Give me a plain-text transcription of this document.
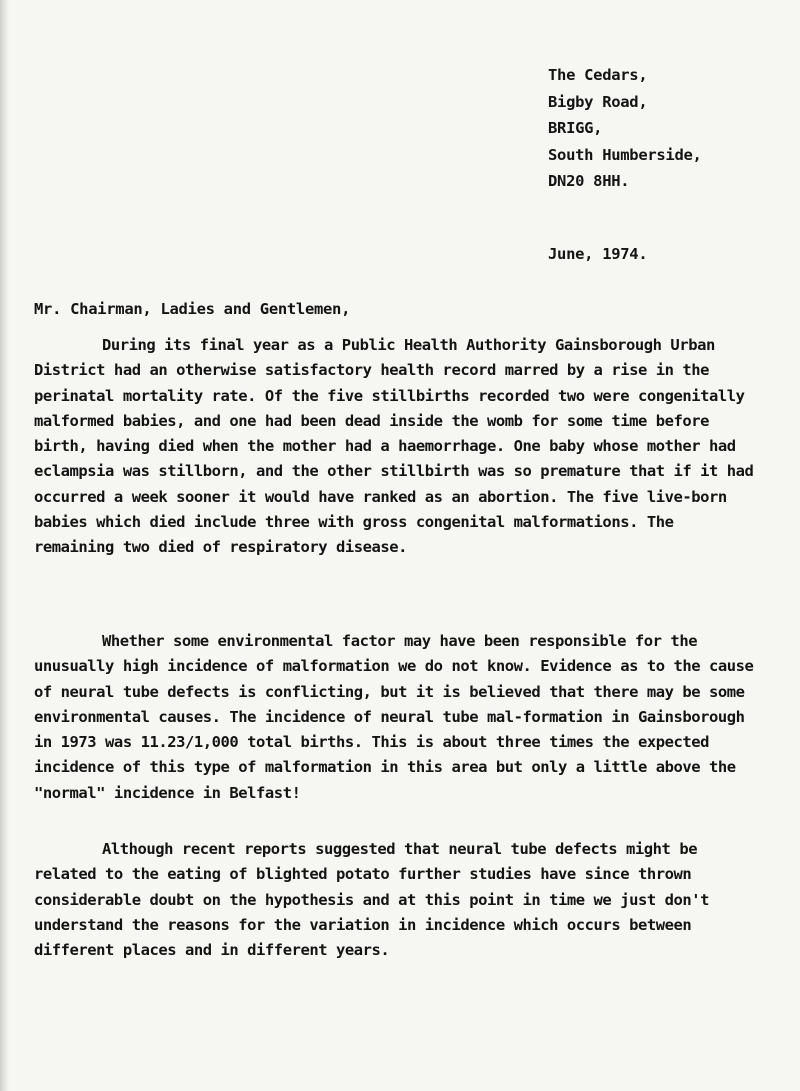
The Cedars,
Bigby Road,
BRIGG,
South Humberside,
DN20 8HH.
June, 1974.
Mr. Chairman, Ladies and Gentlemen,

During its final year as a Public Health Authority Gainsborough Urban District had an otherwise satisfactory health record marred by a rise in the perinatal mortality rate. Of the five stillbirths recorded two were congenitally malformed babies, and one had been dead inside the womb for some time before birth, having died when the mother had a haemorrhage. One baby whose mother had eclampsia was stillborn, and the other stillbirth was so premature that if it had occurred a week sooner it would have ranked as an abortion. The five live-born babies which died include three with gross congenital malformations. The remaining two died of respiratory disease.

Whether some environmental factor may have been responsible for the unusually high incidence of malformation we do not know. Evidence as to the cause of neural tube defects is conflicting, but it is believed that there may be some environmental causes. The incidence of neural tube mal-formation in Gainsborough in 1973 was 11.23/1,000 total births. This is about three times the expected incidence of this type of malformation in this area but only a little above the "normal" incidence in Belfast!

Although recent reports suggested that neural tube defects might be related to the eating of blighted potato further studies have since thrown considerable doubt on the hypothesis and at this point in time we just don't understand the reasons for the variation in incidence which occurs between different places and in different years.
